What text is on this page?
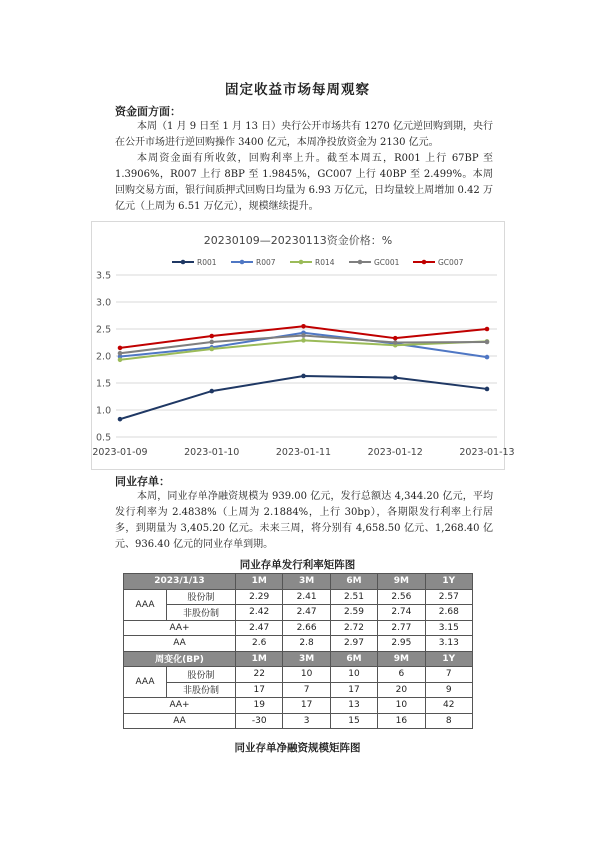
固定收益市场每周观察
资金面方面：

本周（1 月 9 日至 1 月 13 日）央行公开市场共有 1270 亿元逆回购到期，央行在公开市场进行逆回购操作 3400 亿元，本周净投放资金为 2130 亿元。

本周资金面有所收敛，回购利率上升。截至本周五，R001 上行 67BP 至 1.3906%，R007 上行 8BP 至 1.9845%，GC007 上行 40BP 至 2.499%。本周回购交易方面，银行间质押式回购日均量为 6.93 万亿元，日均量较上周增加 0.42 万亿元（上周为 6.51 万亿元），规模继续提升。

20230109—20230113资金价格：%
3.5
3.0
2.5
2.0
1.5
1.0
0.5
2023-01-09	2023-01-10	2023-01-11	2023-01-12	2023-01-13
R001	R007	R014	GC001	GC007
同业存单：

本周，同业存单净融资规模为 939.00 亿元，发行总额达 4,344.20 亿元，平均发行利率为 2.4838%（上周为 2.1884%，上行 30bp），各期限发行利率上行居多，到期量为 3,405.20 亿元。未来三周，将分别有 4,658.50 亿元、1,268.40 亿元、936.40 亿元的同业存单到期。

同业存单发行利率矩阵图
2023/1/13		1M	3M	6M	9M	1Y
AAA	股份制	2.29	2.41	2.51	2.56	2.57
	非股份制	2.42	2.47	2.59	2.74	2.68
AA+		2.47	2.66	2.72	2.77	3.15
AA		2.6	2.8	2.97	2.95	3.13
周变化(BP)		1M	3M	6M	9M	1Y
AAA	股份制	22	10	10	6	7
	非股份制	17	7	17	20	9
AA+		19	17	13	10	42
AA		-30	3	15	16	8
同业存单净融资规模矩阵图
